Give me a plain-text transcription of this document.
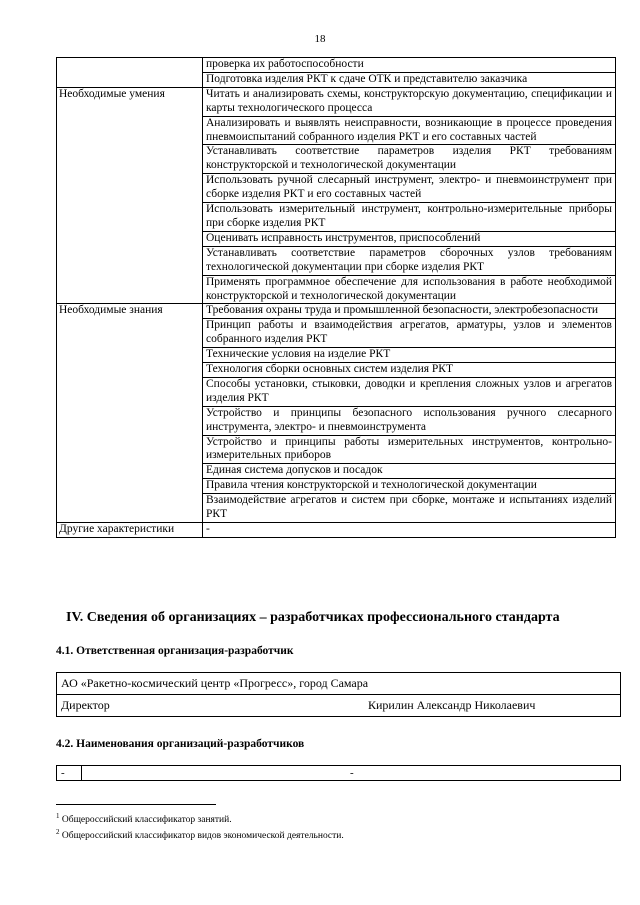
18
	проверка их работоспособности
	Подготовка изделия РКТ к сдаче ОТК и представителю заказчика
Необходимые умения	Читать и анализировать схемы, конструкторскую документацию, спецификации и карты технологического процесса
	Анализировать и выявлять неисправности, возникающие в процессе проведения пневмоиспытаний собранного изделия РКТ и его составных частей
	Устанавливать соответствие параметров изделия РКТ требованиям конструкторской и технологической документации
	Использовать ручной слесарный инструмент, электро- и пневмоинструмент при сборке изделия РКТ и его составных частей
	Использовать измерительный инструмент, контрольно-измерительные приборы при сборке изделия РКТ
	Оценивать исправность инструментов, приспособлений
	Устанавливать соответствие параметров сборочных узлов требованиям технологической документации при сборке изделия РКТ
	Применять программное обеспечение для использования в работе необходимой конструкторской и технологической документации
Необходимые знания	Требования охраны труда и промышленной безопасности, электробезопасности
	Принцип работы и взаимодействия агрегатов, арматуры, узлов и элементов собранного изделия РКТ
	Технические условия на изделие РКТ
	Технология сборки основных систем изделия РКТ
	Способы установки, стыковки, доводки и крепления сложных узлов и агрегатов изделия РКТ
	Устройство и принципы безопасного использования ручного слесарного инструмента, электро- и пневмоинструмента
	Устройство и принципы работы измерительных инструментов, контрольно-измерительных приборов
	Единая система допусков и посадок
	Правила чтения конструкторской и технологической документации
	Взаимодействие агрегатов и систем при сборке, монтаже и испытаниях изделий РКТ
Другие характеристики	-
IV. Сведения об организациях – разработчиках профессионального стандарта
4.1. Ответственная организация-разработчик
АО «Ракетно-космический центр «Прогресс», город Самара
Директор	Кирилин Александр Николаевич
4.2. Наименования организаций-разработчиков
-	-
$^1$ Общероссийский классификатор занятий.
$^2$ Общероссийский классификатор видов экономической деятельности.
